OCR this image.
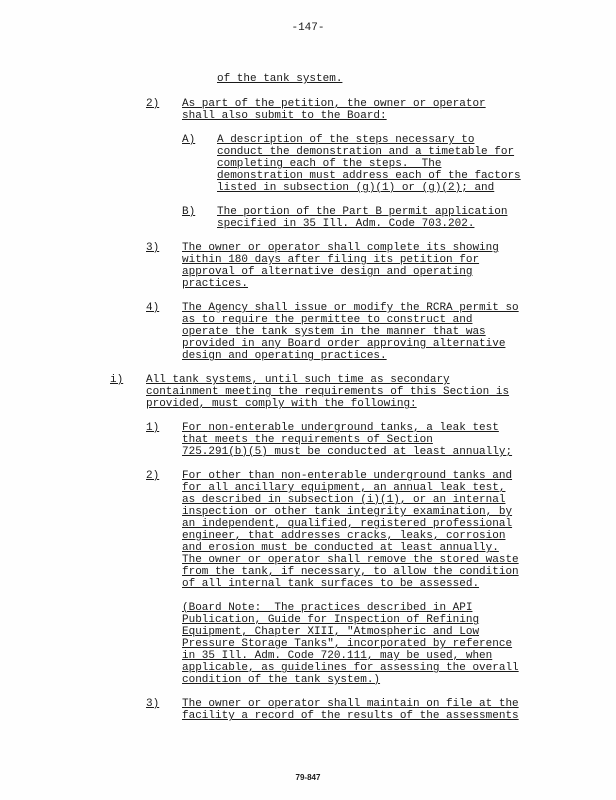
-147-
of the tank system.
2) As part of the petition, the owner or operator
shall also submit to the Board:
A) A description of the steps necessary to
conduct the demonstration and a timetable for
completing each of the steps.  The
demonstration must address each of the factors
listed in subsection (g)(1) or (g)(2); and
B) The portion of the Part B permit application
specified in 35 Ill. Adm. Code 703.202.
3) The owner or operator shall complete its showing
within 180 days after filing its petition for
approval of alternative design and operating
practices.
4) The Agency shall issue or modify the RCRA permit so
as to require the permittee to construct and
operate the tank system in the manner that was
provided in any Board order approving alternative
design and operating practices.
i) All tank systems, until such time as secondary
containment meeting the requirements of this Section is
provided, must comply with the following:
1) For non-enterable underground tanks, a leak test
that meets the requirements of Section
725.291(b)(5) must be conducted at least annually;
2) For other than non-enterable underground tanks and
for all ancillary equipment, an annual leak test,
as described in subsection (i)(1), or an internal
inspection or other tank integrity examination, by
an independent, qualified, registered professional
engineer, that addresses cracks, leaks, corrosion
and erosion must be conducted at least annually.
The owner or operator shall remove the stored waste
from the tank, if necessary, to allow the condition
of all internal tank surfaces to be assessed.
(Board Note:  The practices described in API
Publication, Guide for Inspection of Refining
Equipment, Chapter XIII, "Atmospheric and Low
Pressure Storage Tanks", incorporated by reference
in 35 Ill. Adm. Code 720.111, may be used, when
applicable, as guidelines for assessing the overall
condition of the tank system.)
3) The owner or operator shall maintain on file at the
facility a record of the results of the assessments
79-847
